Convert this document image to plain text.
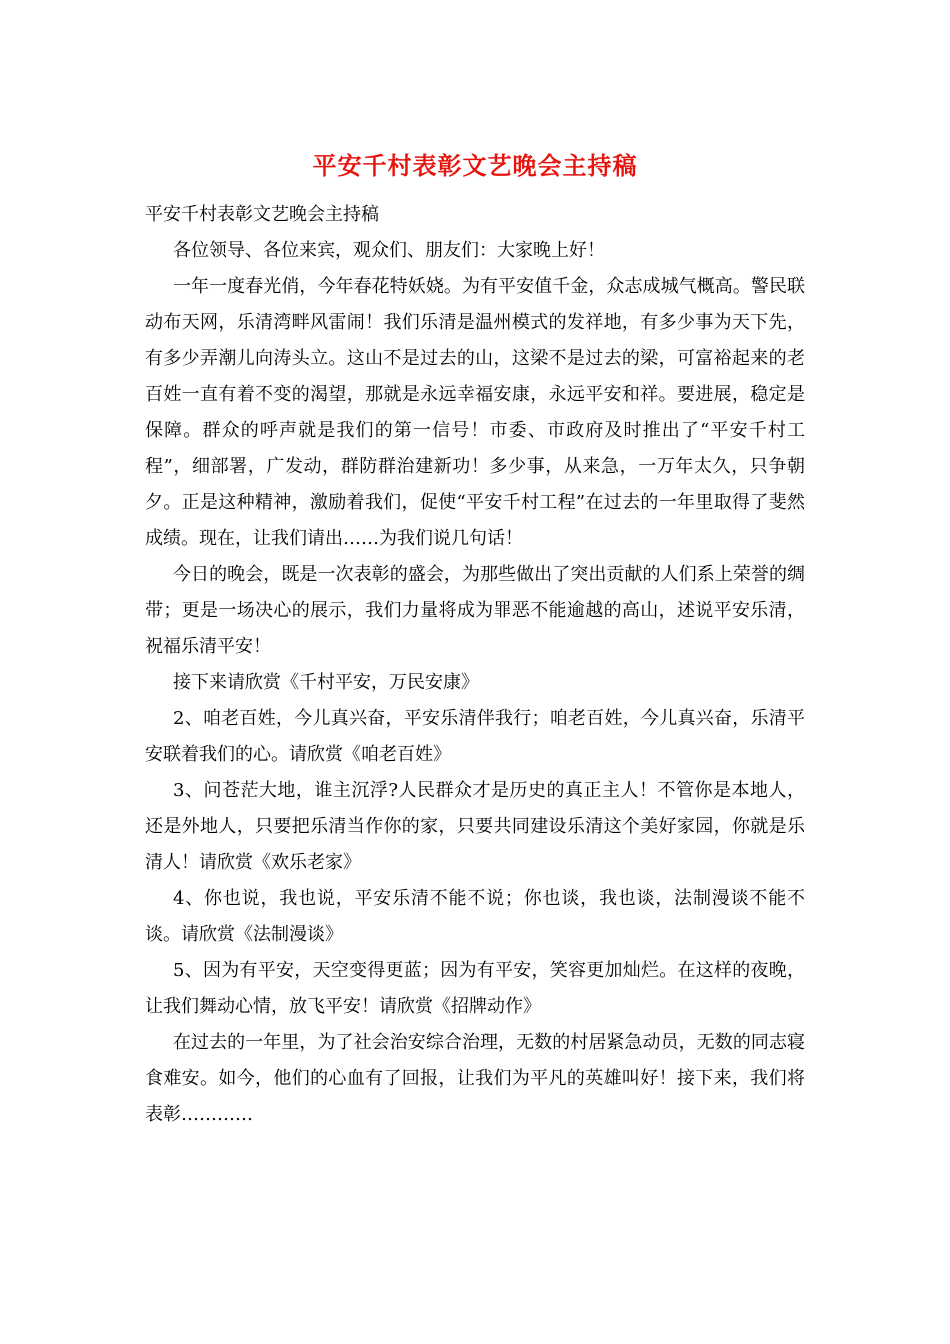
平安千村表彰文艺晚会主持稿

平安千村表彰文艺晚会主持稿

各位领导、各位来宾，观众们、朋友们：大家晚上好！

一年一度春光俏，今年春花特妖娆。为有平安值千金，众志成城气概高。警民联动布天网，乐清湾畔风雷闹！我们乐清是温州模式的发祥地，有多少事为天下先，有多少弄潮儿向涛头立。这山不是过去的山，这梁不是过去的梁，可富裕起来的老百姓一直有着不变的渴望，那就是永远幸福安康，永远平安和祥。要进展，稳定是保障。群众的呼声就是我们的第一信号！市委、市政府及时推出了“平安千村工程”，细部署，广发动，群防群治建新功！多少事，从来急，一万年太久，只争朝夕。正是这种精神，激励着我们，促使“平安千村工程”在过去的一年里取得了斐然成绩。现在，让我们请出……为我们说几句话！

今日的晚会，既是一次表彰的盛会，为那些做出了突出贡献的人们系上荣誉的绸带；更是一场决心的展示，我们力量将成为罪恶不能逾越的高山，述说平安乐清，祝福乐清平安！

接下来请欣赏《千村平安，万民安康》

2、咱老百姓，今儿真兴奋，平安乐清伴我行；咱老百姓，今儿真兴奋，乐清平安联着我们的心。请欣赏《咱老百姓》

3、问苍茫大地，谁主沉浮?人民群众才是历史的真正主人！不管你是本地人，还是外地人，只要把乐清当作你的家，只要共同建设乐清这个美好家园，你就是乐清人！请欣赏《欢乐老家》

4、你也说，我也说，平安乐清不能不说；你也谈，我也谈，法制漫谈不能不谈。请欣赏《法制漫谈》

5、因为有平安，天空变得更蓝；因为有平安，笑容更加灿烂。在这样的夜晚，让我们舞动心情，放飞平安！请欣赏《招牌动作》

在过去的一年里，为了社会治安综合治理，无数的村居紧急动员，无数的同志寝食难安。如今，他们的心血有了回报，让我们为平凡的英雄叫好！接下来，我们将表彰…………
